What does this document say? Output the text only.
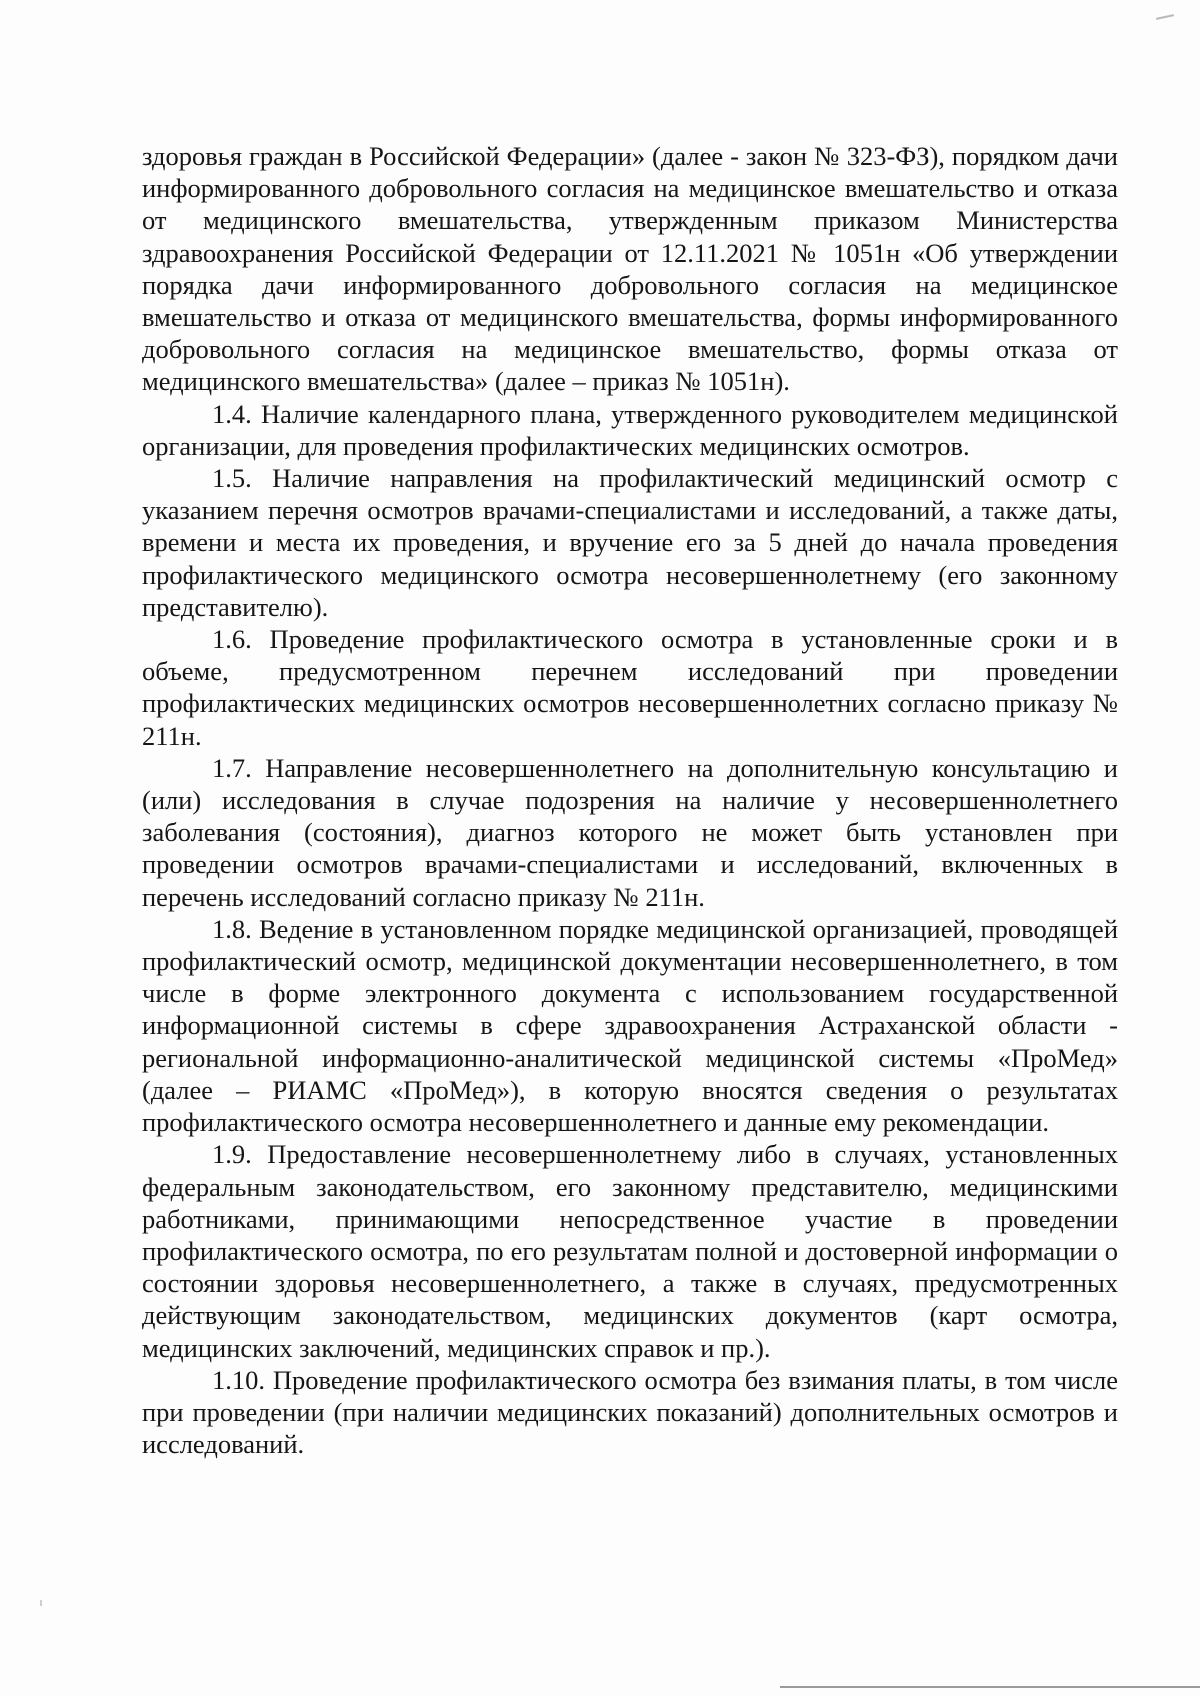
здоровья граждан в Российской Федерации» (далее - закон № 323-ФЗ), порядком дачи информированного добровольного согласия на медицинское вмешательство и отказа от медицинского вмешательства, утвержденным приказом Министерства здравоохранения Российской Федерации от 12.11.2021 № 1051н «Об утверждении порядка дачи информированного добровольного согласия на медицинское вмешательство и отказа от медицинского вмешательства, формы информированного добровольного согласия на медицинское вмешательство, формы отказа от медицинского вмешательства» (далее – приказ № 1051н).

1.4. Наличие календарного плана, утвержденного руководителем медицинской организации, для проведения профилактических медицинских осмотров.

1.5. Наличие направления на профилактический медицинский осмотр с указанием перечня осмотров врачами-специалистами и исследований, а также даты, времени и места их проведения, и вручение его за 5 дней до начала проведения профилактического медицинского осмотра несовершеннолетнему (его законному представителю).

1.6. Проведение профилактического осмотра в установленные сроки и в объеме, предусмотренном перечнем исследований при проведении профилактических медицинских осмотров несовершеннолетних согласно приказу № 211н.

1.7. Направление несовершеннолетнего на дополнительную консультацию и (или) исследования в случае подозрения на наличие у несовершеннолетнего заболевания (состояния), диагноз которого не может быть установлен при проведении осмотров врачами-специалистами и исследований, включенных в перечень исследований согласно приказу № 211н.

1.8. Ведение в установленном порядке медицинской организацией, проводящей профилактический осмотр, медицинской документации несовершеннолетнего, в том числе в форме электронного документа с использованием государственной информационной системы в сфере здравоохранения Астраханской области - региональной информационно-аналитической медицинской системы «ПроМед» (далее – РИАМС «ПроМед»), в которую вносятся сведения о результатах профилактического осмотра несовершеннолетнего и данные ему рекомендации.

1.9. Предоставление несовершеннолетнему либо в случаях, установленных федеральным законодательством, его законному представителю, медицинскими работниками, принимающими непосредственное участие в проведении профилактического осмотра, по его результатам полной и достоверной информации о состоянии здоровья несовершеннолетнего, а также в случаях, предусмотренных действующим законодательством, медицинских документов (карт осмотра, медицинских заключений, медицинских справок и пр.).

1.10. Проведение профилактического осмотра без взимания платы, в том числе при проведении (при наличии медицинских показаний) дополнительных осмотров и исследований.
